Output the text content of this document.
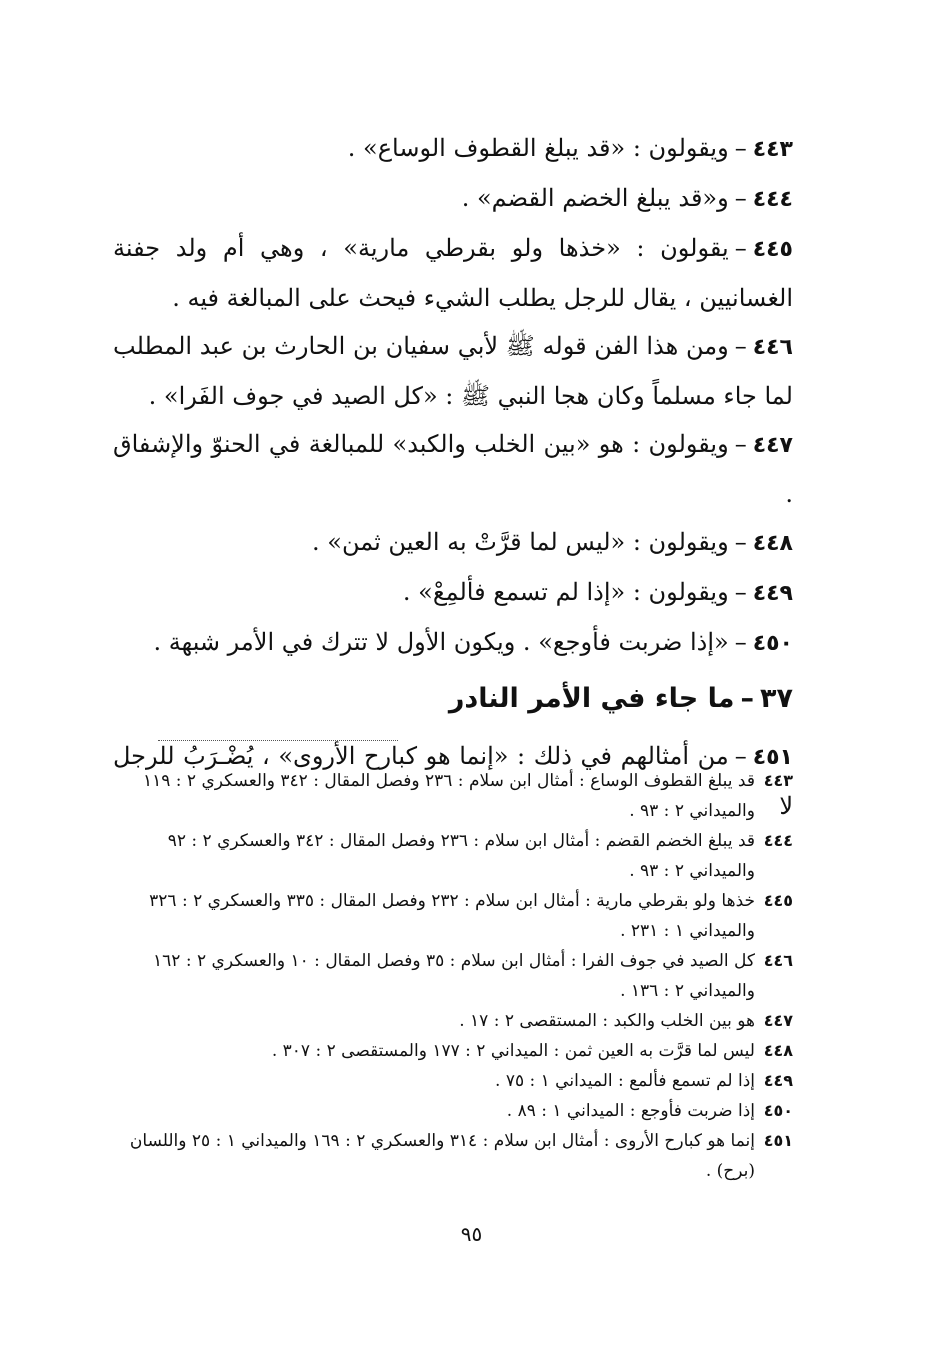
٤٤٣–ويقولون : «قد يبلغ القطوف الوساع» .
٤٤٤–و«قد يبلغ الخضم القضم» .
٤٤٥–يقولون : «خذها ولو بقرطي مارية» ، وهي أم ولد جفنة الغسانيين ، يقال للرجل يطلب الشيء فيحث على المبالغة فيه .
٤٤٦–ومن هذا الفن قوله ﷺ لأبي سفيان بن الحارث بن عبد المطلب لما جاء مسلماً وكان هجا النبي ﷺ : «كل الصيد في جوف الفَرا» .
٤٤٧–ويقولون : هو «بين الخلب والكبد» للمبالغة في الحنوّ والإشفاق .
٤٤٨–ويقولون : «ليس لما قرَّتْ به العين ثمن» .
٤٤٩–ويقولون : «إذا لم تسمع فألمِعْ» .
٤٥٠–«إذا ضربت فأوجع» . ويكون الأول لا تترك في الأمر شبهة .
٣٧–ما جاء في الأمر النادر
٤٥١–من أمثالهم في ذلك : «إنما هو كبارح الأروى» ، يُضْـرَبُ للرجل لا
٤٤٣
قد يبلغ القطوف الوساع : أمثال ابن سلام : ٢٣٦ وفصل المقال : ٣٤٢ والعسكري ٢ : ١١٩ والميداني ٢ : ٩٣ .
٤٤٤
قد يبلغ الخضم القضم : أمثال ابن سلام : ٢٣٦ وفصل المقال : ٣٤٢ والعسكري ٢ : ٩٢ والميداني ٢ : ٩٣ .
٤٤٥
خذها ولو بقرطي مارية : أمثال ابن سلام : ٢٣٢ وفصل المقال : ٣٣٥ والعسكري ٢ : ٣٢٦ والميداني ١ : ٢٣١ .
٤٤٦
كل الصيد في جوف الفرا : أمثال ابن سلام : ٣٥ وفصل المقال : ١٠ والعسكري ٢ : ١٦٢ والميداني ٢ : ١٣٦ .
٤٤٧
هو بين الخلب والكبد : المستقصى ٢ : ١٧ .
٤٤٨
ليس لما قرَّت به العين ثمن : الميداني ٢ : ١٧٧ والمستقصى ٢ : ٣٠٧ .
٤٤٩
إذا لم تسمع فألمع : الميداني ١ : ٧٥ .
٤٥٠
إذا ضربت فأوجع : الميداني ١ : ٨٩ .
٤٥١
إنما هو كبارح الأروى : أمثال ابن سلام : ٣١٤ والعسكري ٢ : ١٦٩ والميداني ١ : ٢٥ واللسان (برح) .
٩٥
